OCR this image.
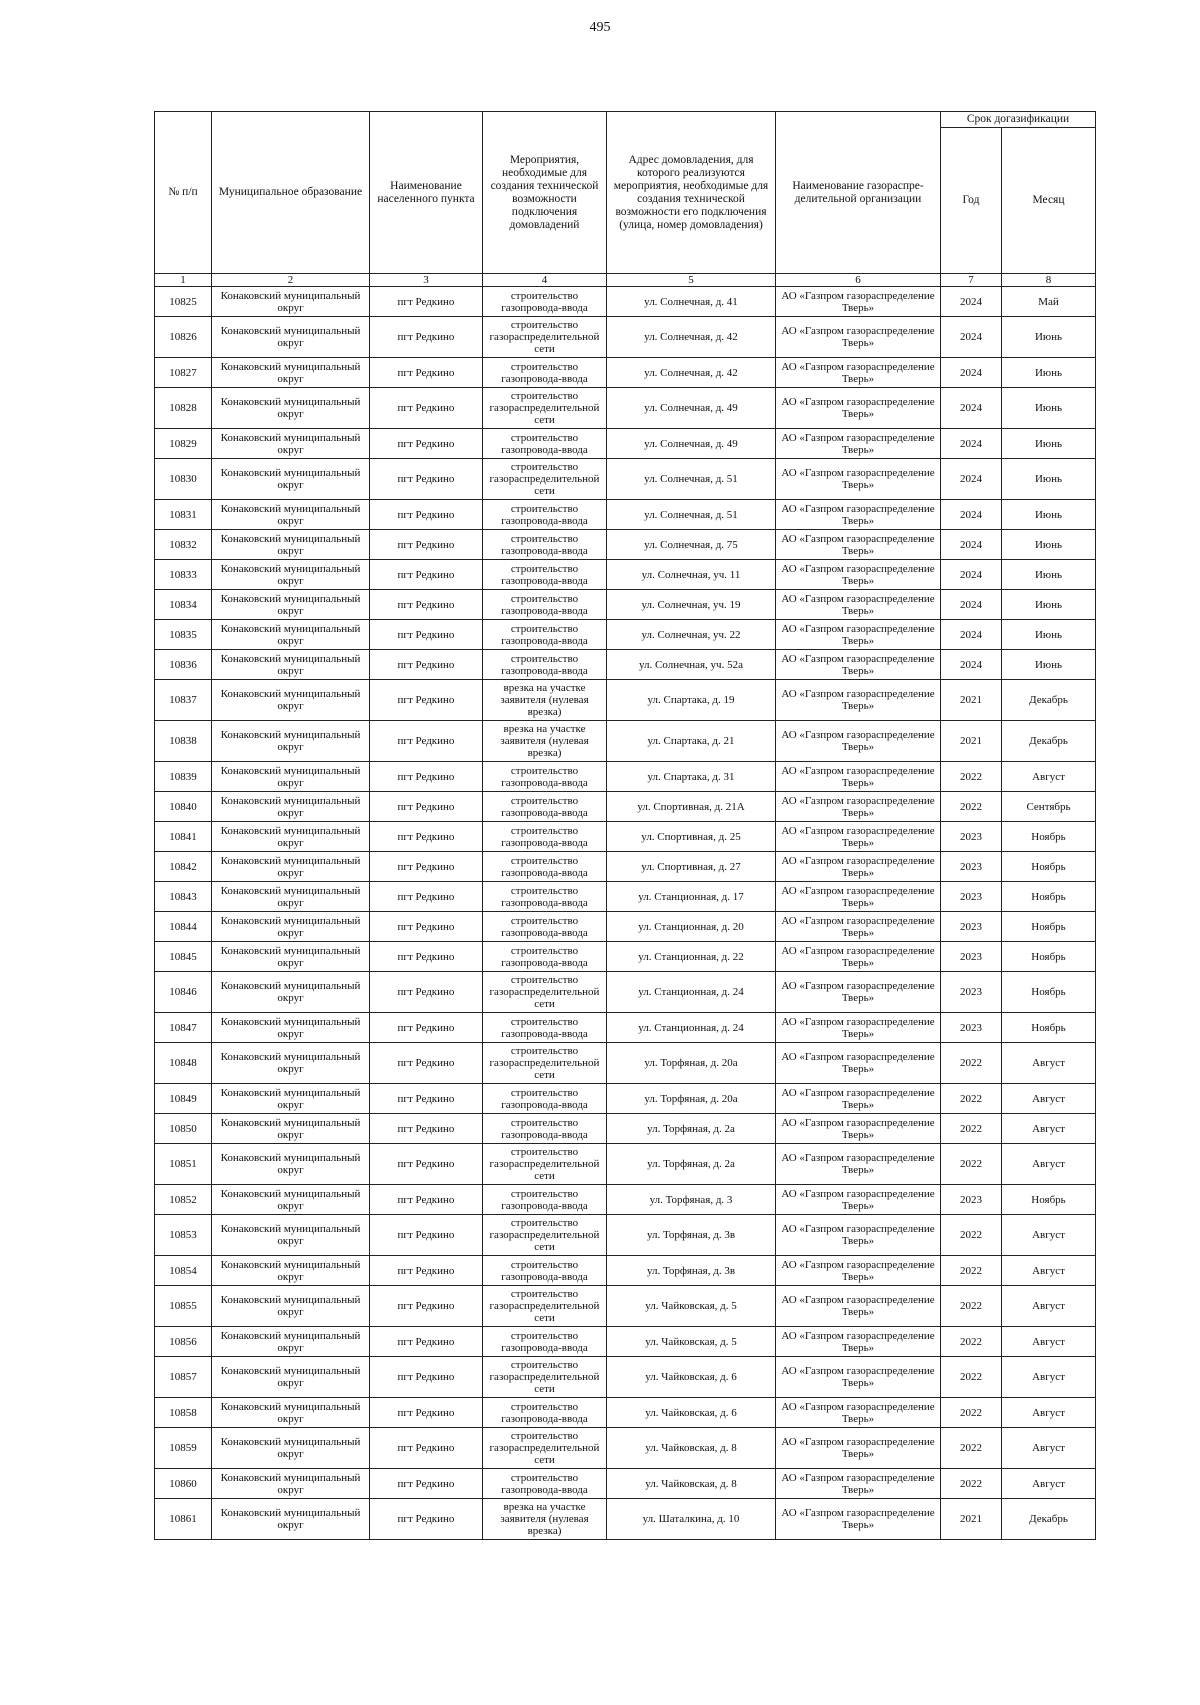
495
№ п/п	Муниципальное образование	Наименование населенного пункта	Мероприятия, необходимые для создания технической возможности подключения домовладений	Адрес домовладения, для которого реализуются мероприятия, необходимые для создания технической возможности его подключения (улица, номер домовладения)	Наименование газораспре-делительной организации	Срок догазификации	
						Год	Месяц
1	2	3	4	5	6	7	8
10825	Конаковский муниципальный округ	пгт Редкино	строительство газопровода-ввода	ул. Солнечная, д. 41	АО «Газпром газораспределение Тверь»	2024	Май
10826	Конаковский муниципальный округ	пгт Редкино	строительство газораспределительной сети	ул. Солнечная, д. 42	АО «Газпром газораспределение Тверь»	2024	Июнь
10827	Конаковский муниципальный округ	пгт Редкино	строительство газопровода-ввода	ул. Солнечная, д. 42	АО «Газпром газораспределение Тверь»	2024	Июнь
10828	Конаковский муниципальный округ	пгт Редкино	строительство газораспределительной сети	ул. Солнечная, д. 49	АО «Газпром газораспределение Тверь»	2024	Июнь
10829	Конаковский муниципальный округ	пгт Редкино	строительство газопровода-ввода	ул. Солнечная, д. 49	АО «Газпром газораспределение Тверь»	2024	Июнь
10830	Конаковский муниципальный округ	пгт Редкино	строительство газораспределительной сети	ул. Солнечная, д. 51	АО «Газпром газораспределение Тверь»	2024	Июнь
10831	Конаковский муниципальный округ	пгт Редкино	строительство газопровода-ввода	ул. Солнечная, д. 51	АО «Газпром газораспределение Тверь»	2024	Июнь
10832	Конаковский муниципальный округ	пгт Редкино	строительство газопровода-ввода	ул. Солнечная, д. 75	АО «Газпром газораспределение Тверь»	2024	Июнь
10833	Конаковский муниципальный округ	пгт Редкино	строительство газопровода-ввода	ул. Солнечная, уч. 11	АО «Газпром газораспределение Тверь»	2024	Июнь
10834	Конаковский муниципальный округ	пгт Редкино	строительство газопровода-ввода	ул. Солнечная, уч. 19	АО «Газпром газораспределение Тверь»	2024	Июнь
10835	Конаковский муниципальный округ	пгт Редкино	строительство газопровода-ввода	ул. Солнечная, уч. 22	АО «Газпром газораспределение Тверь»	2024	Июнь
10836	Конаковский муниципальный округ	пгт Редкино	строительство газопровода-ввода	ул. Солнечная, уч. 52а	АО «Газпром газораспределение Тверь»	2024	Июнь
10837	Конаковский муниципальный округ	пгт Редкино	врезка на участке заявителя (нулевая врезка)	ул. Спартака, д. 19	АО «Газпром газораспределение Тверь»	2021	Декабрь
10838	Конаковский муниципальный округ	пгт Редкино	врезка на участке заявителя (нулевая врезка)	ул. Спартака, д. 21	АО «Газпром газораспределение Тверь»	2021	Декабрь
10839	Конаковский муниципальный округ	пгт Редкино	строительство газопровода-ввода	ул. Спартака, д. 31	АО «Газпром газораспределение Тверь»	2022	Август
10840	Конаковский муниципальный округ	пгт Редкино	строительство газопровода-ввода	ул. Спортивная, д. 21А	АО «Газпром газораспределение Тверь»	2022	Сентябрь
10841	Конаковский муниципальный округ	пгт Редкино	строительство газопровода-ввода	ул. Спортивная, д. 25	АО «Газпром газораспределение Тверь»	2023	Ноябрь
10842	Конаковский муниципальный округ	пгт Редкино	строительство газопровода-ввода	ул. Спортивная, д. 27	АО «Газпром газораспределение Тверь»	2023	Ноябрь
10843	Конаковский муниципальный округ	пгт Редкино	строительство газопровода-ввода	ул. Станционная, д. 17	АО «Газпром газораспределение Тверь»	2023	Ноябрь
10844	Конаковский муниципальный округ	пгт Редкино	строительство газопровода-ввода	ул. Станционная, д. 20	АО «Газпром газораспределение Тверь»	2023	Ноябрь
10845	Конаковский муниципальный округ	пгт Редкино	строительство газопровода-ввода	ул. Станционная, д. 22	АО «Газпром газораспределение Тверь»	2023	Ноябрь
10846	Конаковский муниципальный округ	пгт Редкино	строительство газораспределительной сети	ул. Станционная, д. 24	АО «Газпром газораспределение Тверь»	2023	Ноябрь
10847	Конаковский муниципальный округ	пгт Редкино	строительство газопровода-ввода	ул. Станционная, д. 24	АО «Газпром газораспределение Тверь»	2023	Ноябрь
10848	Конаковский муниципальный округ	пгт Редкино	строительство газораспределительной сети	ул. Торфяная, д. 20а	АО «Газпром газораспределение Тверь»	2022	Август
10849	Конаковский муниципальный округ	пгт Редкино	строительство газопровода-ввода	ул. Торфяная, д. 20а	АО «Газпром газораспределение Тверь»	2022	Август
10850	Конаковский муниципальный округ	пгт Редкино	строительство газопровода-ввода	ул. Торфяная, д. 2а	АО «Газпром газораспределение Тверь»	2022	Август
10851	Конаковский муниципальный округ	пгт Редкино	строительство газораспределительной сети	ул. Торфяная, д. 2а	АО «Газпром газораспределение Тверь»	2022	Август
10852	Конаковский муниципальный округ	пгт Редкино	строительство газопровода-ввода	ул. Торфяная, д. 3	АО «Газпром газораспределение Тверь»	2023	Ноябрь
10853	Конаковский муниципальный округ	пгт Редкино	строительство газораспределительной сети	ул. Торфяная, д. 3в	АО «Газпром газораспределение Тверь»	2022	Август
10854	Конаковский муниципальный округ	пгт Редкино	строительство газопровода-ввода	ул. Торфяная, д. 3в	АО «Газпром газораспределение Тверь»	2022	Август
10855	Конаковский муниципальный округ	пгт Редкино	строительство газораспределительной сети	ул. Чайковская, д. 5	АО «Газпром газораспределение Тверь»	2022	Август
10856	Конаковский муниципальный округ	пгт Редкино	строительство газопровода-ввода	ул. Чайковская, д. 5	АО «Газпром газораспределение Тверь»	2022	Август
10857	Конаковский муниципальный округ	пгт Редкино	строительство газораспределительной сети	ул. Чайковская, д. 6	АО «Газпром газораспределение Тверь»	2022	Август
10858	Конаковский муниципальный округ	пгт Редкино	строительство газопровода-ввода	ул. Чайковская, д. 6	АО «Газпром газораспределение Тверь»	2022	Август
10859	Конаковский муниципальный округ	пгт Редкино	строительство газораспределительной сети	ул. Чайковская, д. 8	АО «Газпром газораспределение Тверь»	2022	Август
10860	Конаковский муниципальный округ	пгт Редкино	строительство газопровода-ввода	ул. Чайковская, д. 8	АО «Газпром газораспределение Тверь»	2022	Август
10861	Конаковский муниципальный округ	пгт Редкино	врезка на участке заявителя (нулевая врезка)	ул. Шаталкина, д. 10	АО «Газпром газораспределение Тверь»	2021	Декабрь
